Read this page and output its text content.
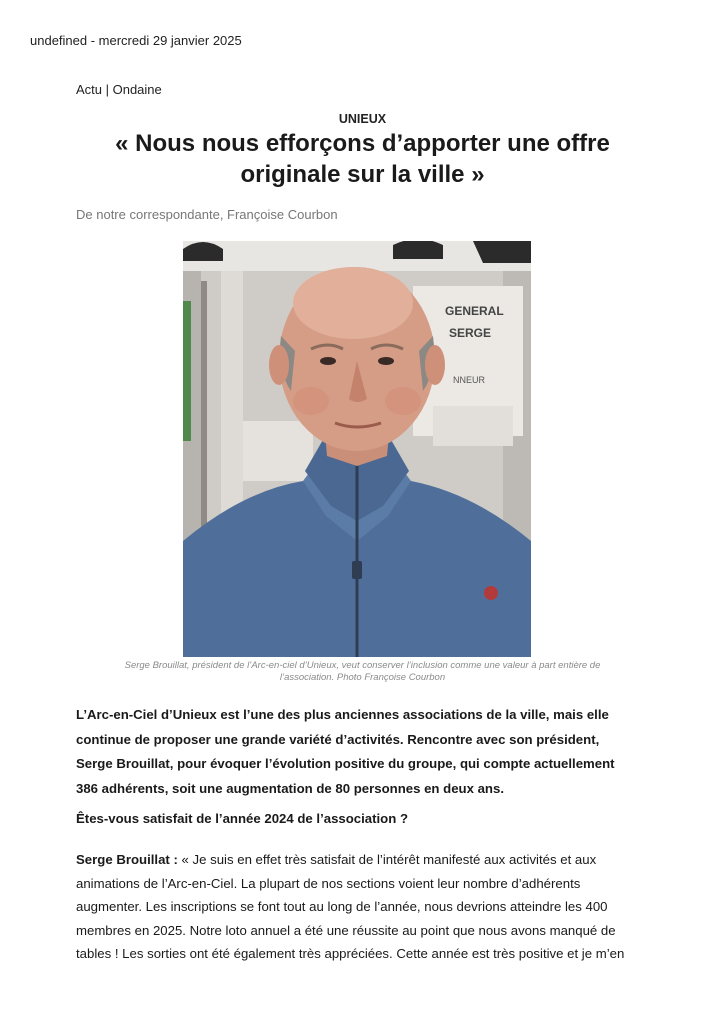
undefined - mercredi 29 janvier 2025
Actu | Ondaine
UNIEUX
« Nous nous efforçons d’apporter une offre
originale sur la ville »
De notre correspondante, Françoise Courbon
GENERAL
SERGE
NNEUR
Serge Brouillat, président de l’Arc-en-ciel d’Unieux, veut conserver l’inclusion comme une valeur à part entière de
l’association. Photo Françoise Courbon

L’Arc-en-Ciel d’Unieux est l’une des plus anciennes associations de la ville, mais elle
continue de proposer une grande variété d’activités. Rencontre avec son président,
Serge Brouillat, pour évoquer l’évolution positive du groupe, qui compte actuellement
386 adhérents, soit une augmentation de 80 personnes en deux ans.

Êtes-vous satisfait de l’année 2024 de l’association ?

Serge Brouillat : « Je suis en effet très satisfait de l’intérêt manifesté aux activités et aux
animations de l’Arc-en-Ciel. La plupart de nos sections voient leur nombre d’adhérents
augmenter. Les inscriptions se font tout au long de l’année, nous devrions atteindre les 400
membres en 2025. Notre loto annuel a été une réussite au point que nous avons manqué de
tables ! Les sorties ont été également très appréciées. Cette année est très positive et je m’en
